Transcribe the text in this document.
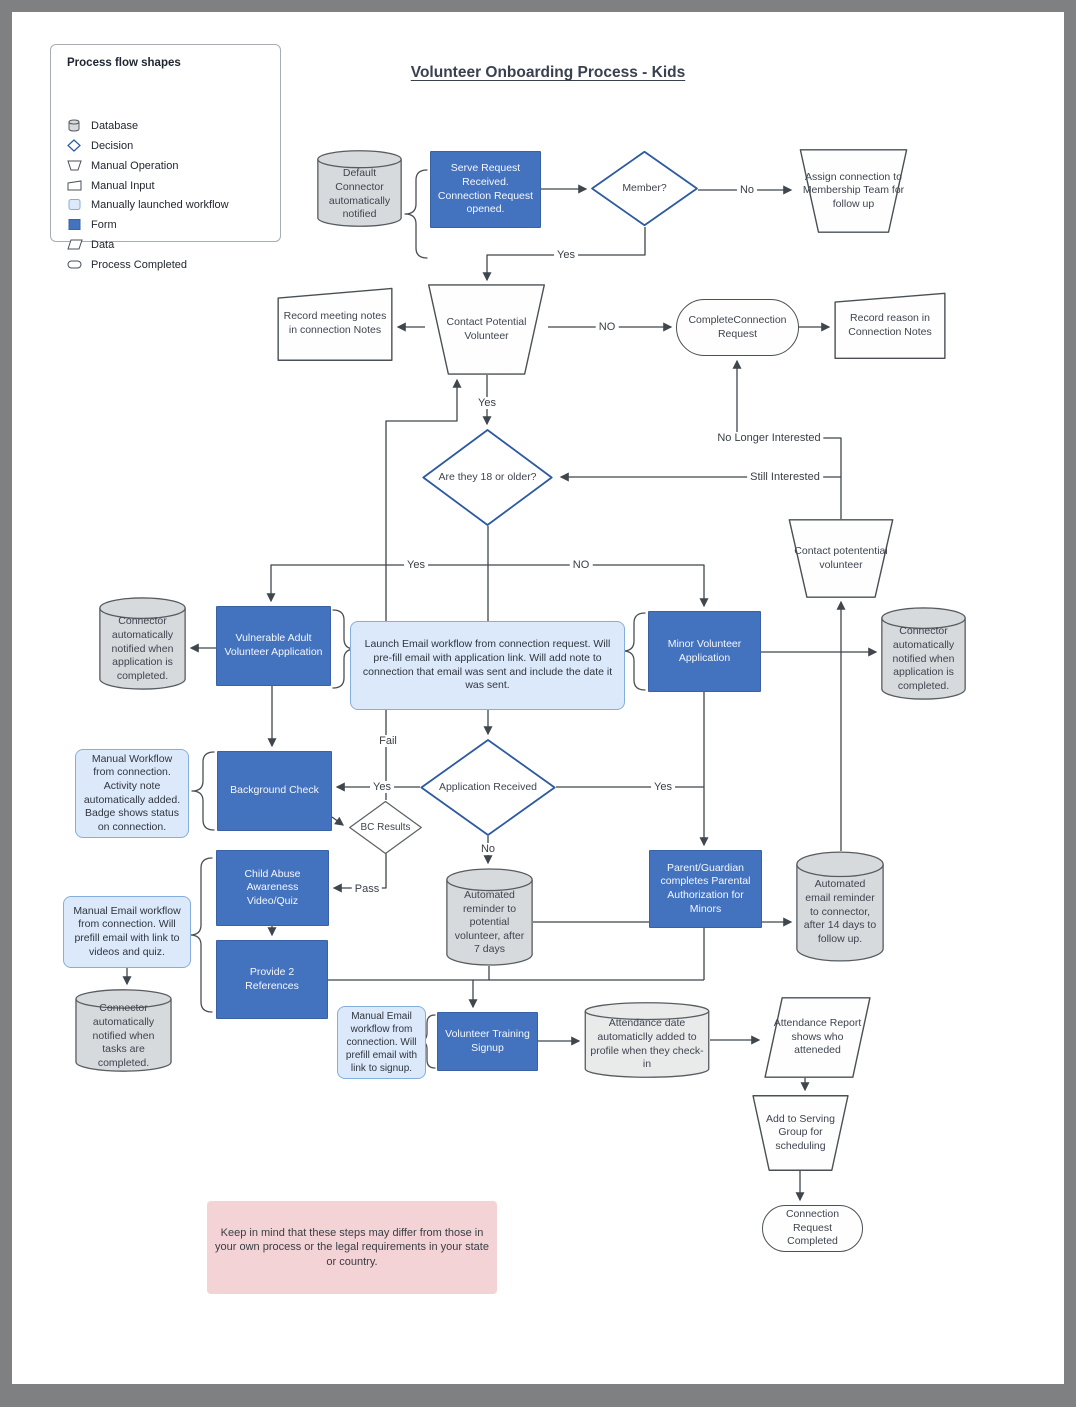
Volunteer Onboarding Process - Kids
Process flow shapes
Database
Decision
Manual Operation
Manual Input
Manually launched workflow
Form
Data
Process Completed
Default Connector automatically notified
Serve Request Received. Connection Request opened.
Member?
Assign connection to Membership Team for follow up
Record meeting notes in connection Notes
Contact Potential Volunteer
CompleteConnection Request
Record reason in Connection Notes
Are they 18 or older?
Contact potentential volunteer
Connector automatically notified when application is completed.
Vulnerable Adult Volunteer Application
Launch Email workflow from connection request. Will pre-fill email with application link. Will add note to connection that email was sent and include the date it was sent.
Minor Volunteer Application
Connector automatically notified when application is completed.
Manual Workflow from connection. Activity note automatically added. Badge shows status on connection.
Background Check
BC Results
Application Received
Child Abuse Awareness Video/Quiz
Provide 2 References
Manual Email workflow from connection. Will prefill email with link to videos and quiz.
Connector automatically notified when tasks are completed.
Automated reminder to potential volunteer, after 7 days
Parent/Guardian completes Parental Authorization for Minors
Automated email reminder to connector, after 14 days to follow up.
Manual Email workflow from connection. Will prefill email with link to signup.
Volunteer Training Signup
Attendance date automaticlly added to profile when they check-in
Attendance Report shows who atteneded
Add to Serving Group for scheduling
Connection Request Completed
Keep in mind that these steps may differ from those in your own process or the legal requirements in your state or country.
No
Yes
NO
Yes
No Longer Interested
Still Interested
Yes	NO
Fail
Yes	Yes
No
Pass
